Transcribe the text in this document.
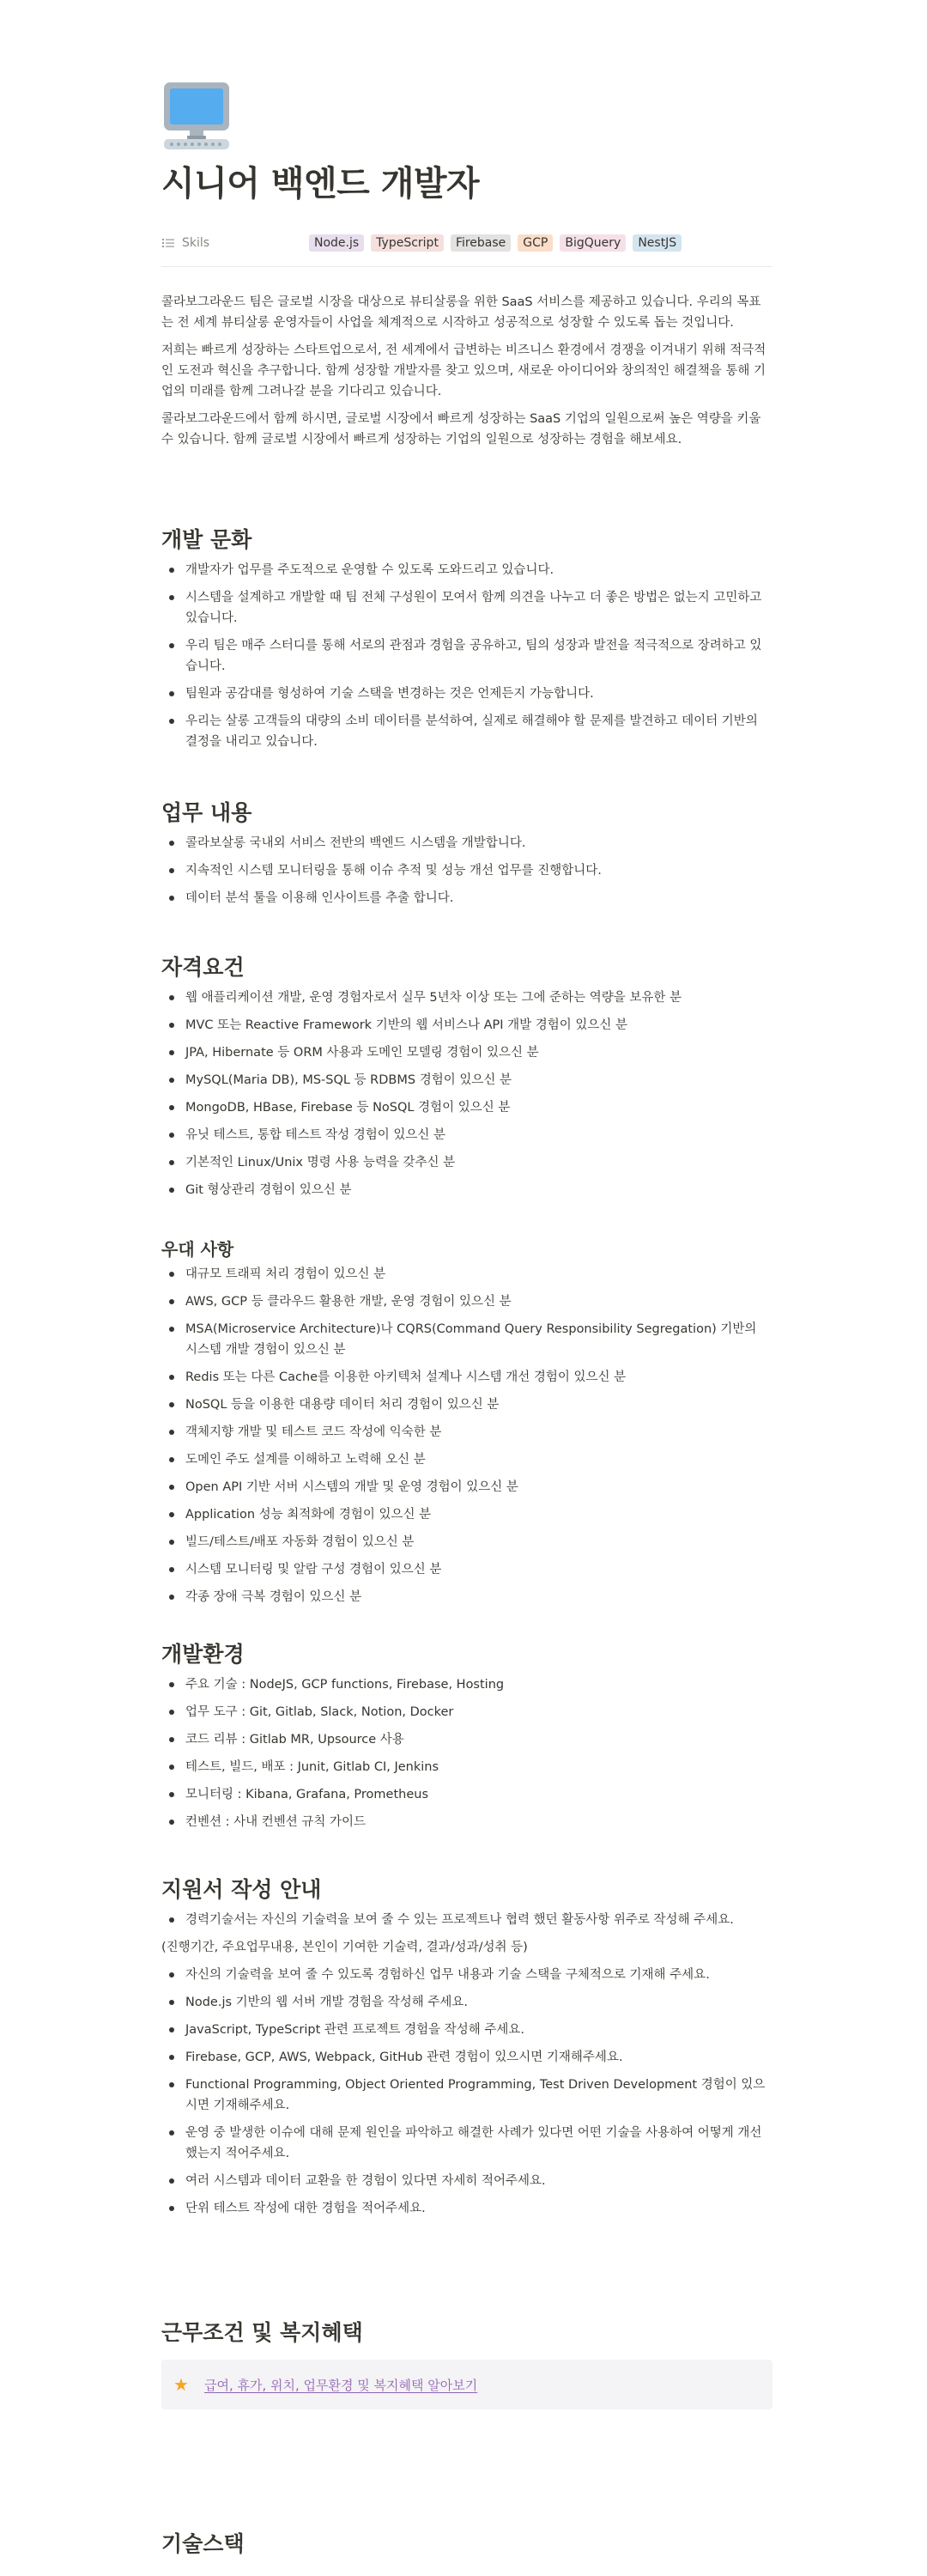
시니어 백엔드 개발자
Skils	Node.js	TypeScript	Firebase	GCP	BigQuery	NestJS

콜라보그라운드 팀은 글로벌 시장을 대상으로 뷰티살롱을 위한 SaaS 서비스를 제공하고 있습니다. 우리의 목표는 전 세계 뷰티살롱 운영자들이 사업을 체계적으로 시작하고 성공적으로 성장할 수 있도록 돕는 것입니다.

저희는 빠르게 성장하는 스타트업으로서, 전 세계에서 급변하는 비즈니스 환경에서 경쟁을 이겨내기 위해 적극적인 도전과 혁신을 추구합니다. 함께 성장할 개발자를 찾고 있으며, 새로운 아이디어와 창의적인 해결책을 통해 기업의 미래를 함께 그려나갈 분을 기다리고 있습니다.

콜라보그라운드에서 함께 하시면, 글로벌 시장에서 빠르게 성장하는 SaaS 기업의 일원으로써 높은 역량을 키울 수 있습니다. 함께 글로벌 시장에서 빠르게 성장하는 기업의 일원으로 성장하는 경험을 해보세요.

개발 문화
개발자가 업무를 주도적으로 운영할 수 있도록 도와드리고 있습니다.
시스템을 설계하고 개발할 때 팀 전체 구성원이 모여서 함께 의견을 나누고 더 좋은 방법은 없는지 고민하고 있습니다.
우리 팀은 매주 스터디를 통해 서로의 관점과 경험을 공유하고, 팀의 성장과 발전을 적극적으로 장려하고 있습니다.
팀원과 공감대를 형성하여 기술 스택을 변경하는 것은 언제든지 가능합니다.
우리는 살롱 고객들의 대량의 소비 데이터를 분석하여, 실제로 해결해야 할 문제를 발견하고 데이터 기반의 결정을 내리고 있습니다.
업무 내용
콜라보살롱 국내외 서비스 전반의 백엔드 시스템을 개발합니다.
지속적인 시스템 모니터링을 통해 이슈 추적 및 성능 개선 업무를 진행합니다.
데이터 분석 툴을 이용해 인사이트를 추출 합니다.
자격요건
웹 애플리케이션 개발, 운영 경험자로서 실무 5년차 이상 또는 그에 준하는 역량을 보유한 분
MVC 또는 Reactive Framework 기반의 웹 서비스나 API 개발 경험이 있으신 분
JPA, Hibernate 등 ORM 사용과 도메인 모델링 경험이 있으신 분
MySQL(Maria DB), MS-SQL 등 RDBMS 경험이 있으신 분
MongoDB, HBase, Firebase 등 NoSQL 경험이 있으신 분
유닛 테스트, 통합 테스트 작성 경험이 있으신 분
기본적인 Linux/Unix 명령 사용 능력을 갖추신 분
Git 형상관리 경험이 있으신 분
우대 사항
대규모 트래픽 처리 경험이 있으신 분
AWS, GCP 등 클라우드 활용한 개발, 운영 경험이 있으신 분
MSA(Microservice Architecture)나 CQRS(Command Query Responsibility Segregation) 기반의 시스템 개발 경험이 있으신 분
Redis 또는 다른 Cache를 이용한 아키텍처 설계나 시스템 개선 경험이 있으신 분
NoSQL 등을 이용한 대용량 데이터 처리 경험이 있으신 분
객체지향 개발 및 테스트 코드 작성에 익숙한 분
도메인 주도 설계를 이해하고 노력해 오신 분
Open API 기반 서버 시스템의 개발 및 운영 경험이 있으신 분
Application 성능 최적화에 경험이 있으신 분
빌드/테스트/배포 자동화 경험이 있으신 분
시스템 모니터링 및 알람 구성 경험이 있으신 분
각종 장애 극복 경험이 있으신 분
개발환경
주요 기술 : NodeJS, GCP functions, Firebase, Hosting
업무 도구 : Git, Gitlab, Slack, Notion, Docker
코드 리뷰 : Gitlab MR, Upsource 사용
테스트, 빌드, 배포 : Junit, Gitlab CI, Jenkins
모니터링 : Kibana, Grafana, Prometheus
컨벤션 : 사내 컨벤션 규칙 가이드
지원서 작성 안내
경력기술서는 자신의 기술력을 보여 줄 수 있는 프로젝트나 협력 했던 활동사항 위주로 작성해 주세요.

(진행기간, 주요업무내용, 본인이 기여한 기술력, 결과/성과/성취 등)

자신의 기술력을 보여 줄 수 있도록 경험하신 업무 내용과 기술 스택을 구체적으로 기재해 주세요.
Node.js 기반의 웹 서버 개발 경험을 작성해 주세요.
JavaScript, TypeScript 관련 프로젝트 경험을 작성해 주세요.
Firebase, GCP, AWS, Webpack, GitHub 관련 경험이 있으시면 기재해주세요.
Functional Programming, Object Oriented Programming, Test Driven Development 경험이 있으시면 기재해주세요.
운영 중 발생한 이슈에 대해 문제 원인을 파악하고 해결한 사례가 있다면 어떤 기술을 사용하여 어떻게 개선했는지 적어주세요.
여러 시스템과 데이터 교환을 한 경험이 있다면 자세히 적어주세요.
단위 테스트 작성에 대한 경험을 적어주세요.
근무조건 및 복지혜택
★	급여, 휴가, 위치, 업무환경 및 복지혜택 알아보기
기술스택
